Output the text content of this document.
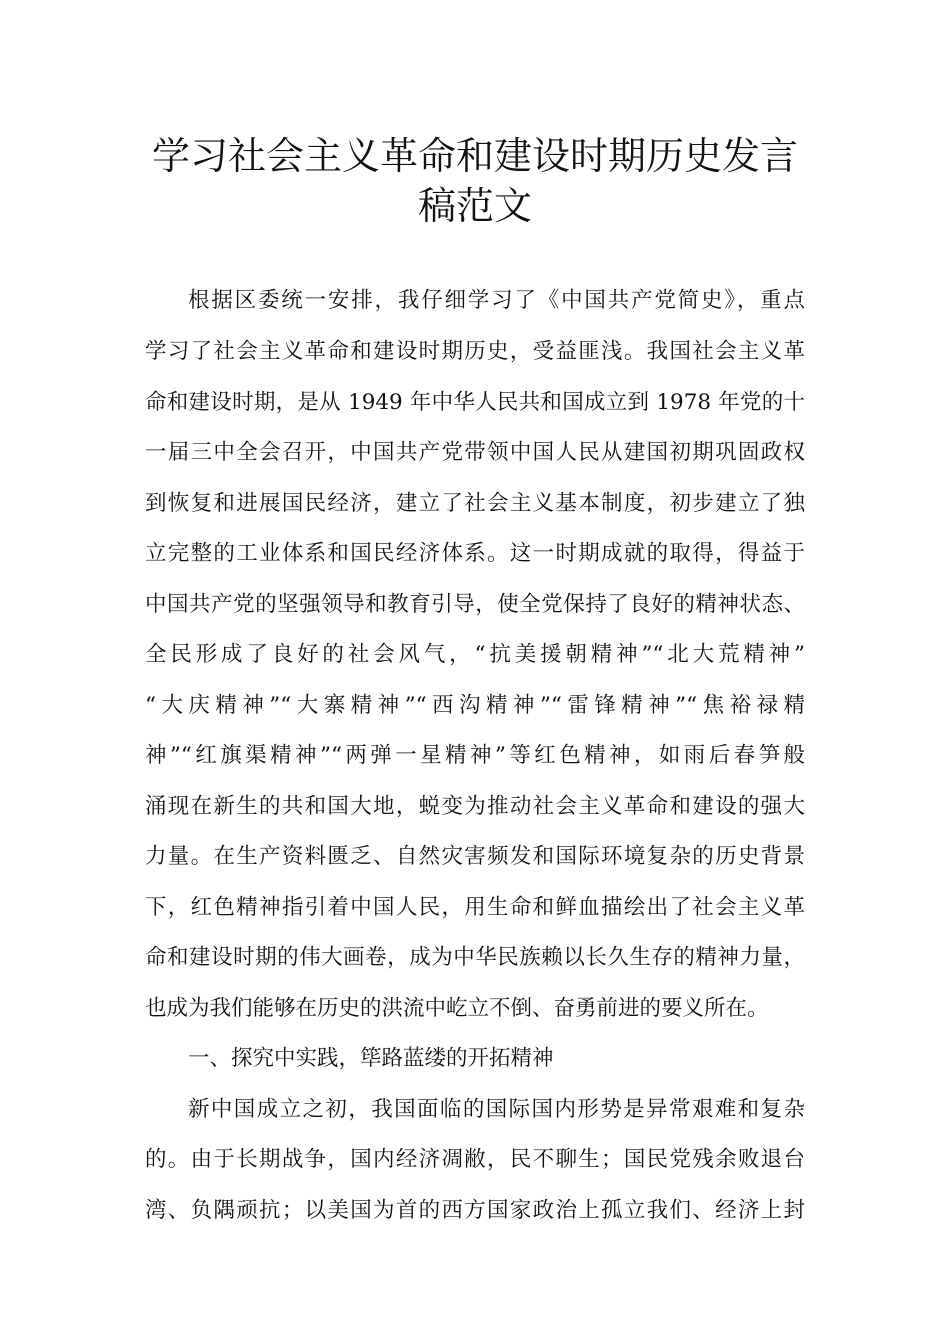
学习社会主义革命和建设时期历史发言
稿范文
根据区委统一安排，我仔细学习了《中国共产党简史》，重点
学习了社会主义革命和建设时期历史，受益匪浅。我国社会主义革
命和建设时期，是从 1949 年中华人民共和国成立到 1978 年党的十
一届三中全会召开，中国共产党带领中国人民从建国初期巩固政权
到恢复和进展国民经济，建立了社会主义基本制度，初步建立了独
立完整的工业体系和国民经济体系。这一时期成就的取得，得益于
中国共产党的坚强领导和教育引导，使全党保持了良好的精神状态、
全民形成了良好的社会风气，“抗美援朝精神”“北大荒精神”
“大庆精神”“大寨精神”“西沟精神”“雷锋精神”“焦裕禄精
神”“红旗渠精神”“两弹一星精神”等红色精神，如雨后春笋般
涌现在新生的共和国大地，蜕变为推动社会主义革命和建设的强大
力量。在生产资料匮乏、自然灾害频发和国际环境复杂的历史背景
下，红色精神指引着中国人民，用生命和鲜血描绘出了社会主义革
命和建设时期的伟大画卷，成为中华民族赖以长久生存的精神力量，
也成为我们能够在历史的洪流中屹立不倒、奋勇前进的要义所在。
一、探究中实践，筚路蓝缕的开拓精神
新中国成立之初，我国面临的国际国内形势是异常艰难和复杂
的。由于长期战争，国内经济凋敝，民不聊生；国民党残余败退台
湾、负隅顽抗；以美国为首的西方国家政治上孤立我们、经济上封
